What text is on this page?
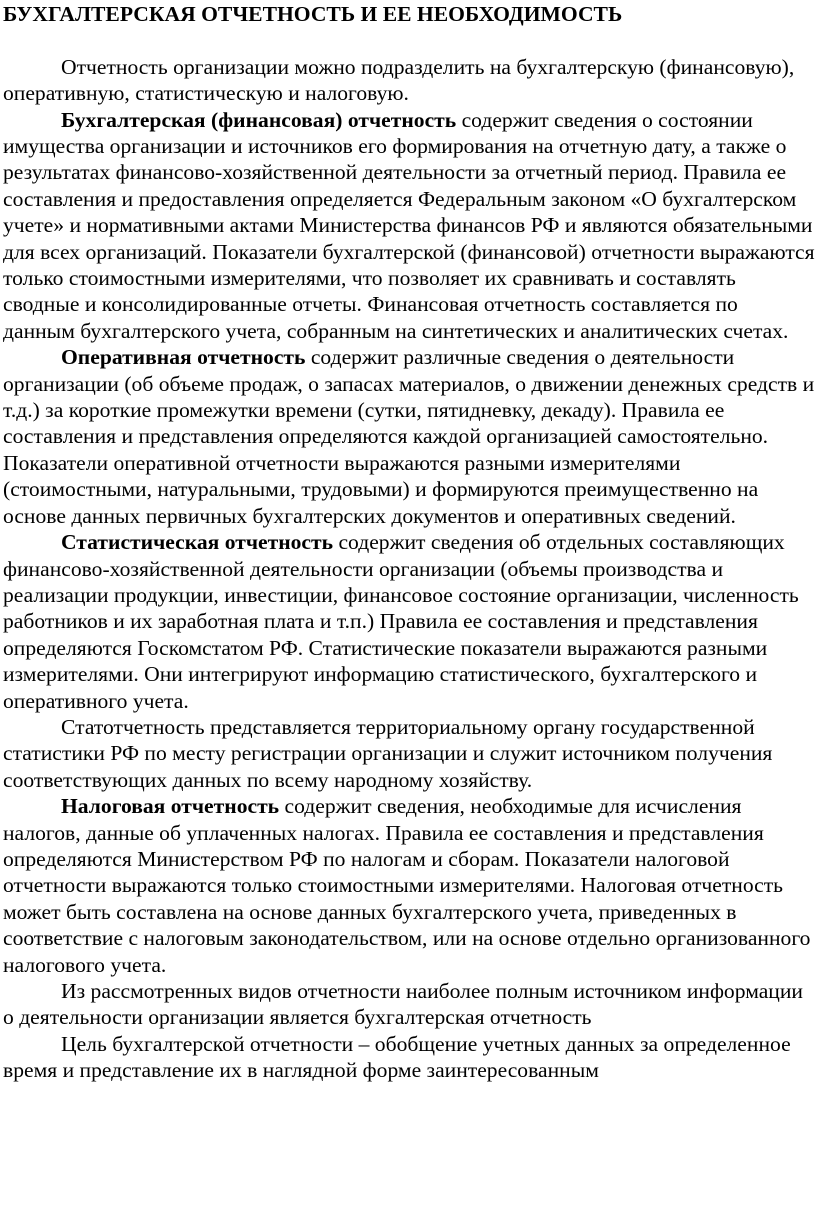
БУХГАЛТЕРСКАЯ ОТЧЕТНОСТЬ И ЕЕ НЕОБХОДИМОСТЬ

Отчетность организации можно подразделить на бухгалтерскую (финансовую), оперативную, статистическую и налоговую.

Бухгалтерская (финансовая) отчетность содержит сведения о состоянии имущества организации и источников его формирования на отчетную дату, а также о результатах финансово-хозяйственной деятельности за отчетный период. Правила ее составления и предоставления определяется Федеральным законом «О бухгалтерском учете» и нормативными актами Министерства финансов РФ и являются обязательными для всех организаций. Показатели бухгалтерской (финансовой) отчетности выражаются только стоимостными измерителями, что позволяет их сравнивать и составлять сводные и консолидированные отчеты. Финансовая отчетность составляется по данным бухгалтерского учета, собранным на синтетических и аналитических счетах.

Оперативная отчетность содержит различные сведения о деятельности организации (об объеме продаж, о запасах материалов, о движении денежных средств и т.д.) за короткие промежутки времени (сутки, пятидневку, декаду). Правила ее составления и представления определяются каждой организацией самостоятельно. Показатели оперативной отчетности выражаются разными измерителями (стоимостными, натуральными, трудовыми) и формируются преимущественно на основе данных первичных бухгалтерских документов и оперативных сведений.

Статистическая отчетность содержит сведения об отдельных составляющих финансово-хозяйственной деятельности организации (объемы производства и реализации продукции, инвестиции, финансовое состояние организации, численность работников и их заработная плата и т.п.) Правила ее составления и представления определяются Госкомстатом РФ. Статистические показатели выражаются разными измерителями. Они интегрируют информацию статистического, бухгалтерского и оперативного учета.

Статотчетность представляется территориальному органу государственной статистики РФ по месту регистрации организации и служит источником получения соответствующих данных по всему народному хозяйству.

Налоговая отчетность содержит сведения, необходимые для исчисления налогов, данные об уплаченных налогах. Правила ее составления и представления определяются Министерством РФ по налогам и сборам. Показатели налоговой отчетности выражаются только стоимостными измерителями. Налоговая отчетность может быть составлена на основе данных бухгалтерского учета, приведенных в соответствие с налоговым законодательством, или на основе отдельно организованного налогового учета.

Из рассмотренных видов отчетности наиболее полным источником информации о деятельности организации является бухгалтерская отчетность

Цель бухгалтерской отчетности – обобщение учетных данных за определенное время и представление их в наглядной форме заинтересованным
